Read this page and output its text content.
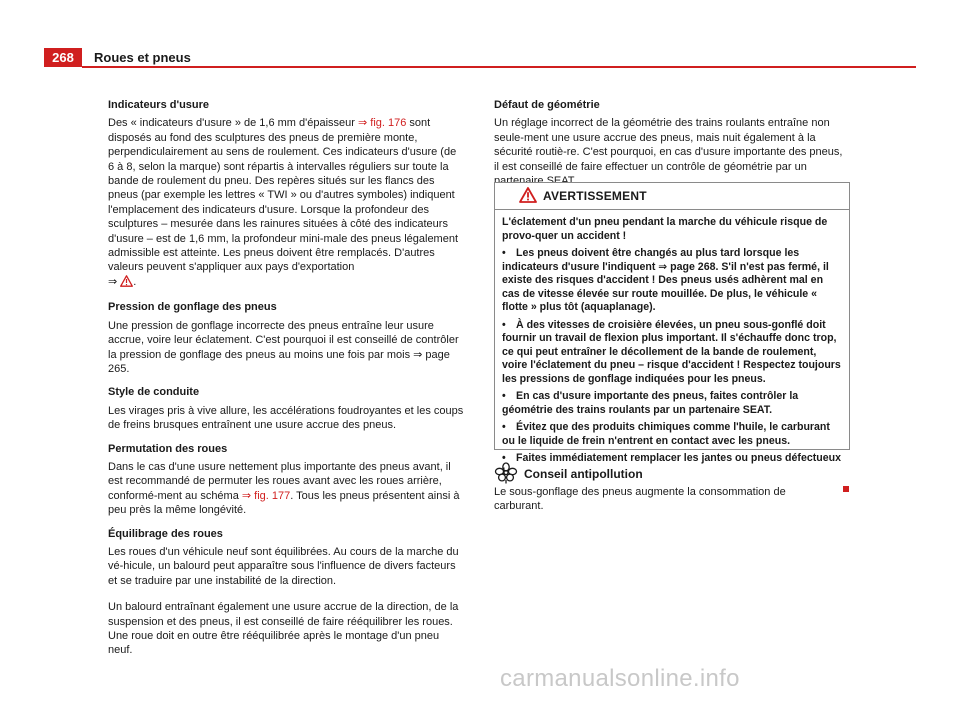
268	Roues et pneus
Indicateurs d'usure
Des « indicateurs d'usure » de 1,6 mm d'épaisseur ⇒ fig. 176 sont disposés au fond des sculptures des pneus de première monte, perpendiculairement au sens de roulement. Ces indicateurs d'usure (de 6 à 8, selon la marque) sont répartis à intervalles réguliers sur toute la bande de roulement du pneu. Des repères situés sur les flancs des pneus (par exemple les lettres « TWI » ou d'autres symboles) indiquent l'emplacement des indicateurs d'usure. Lorsque la profondeur des sculptures – mesurée dans les rainures situées à côté des indicateurs d'usure – est de 1,6 mm, la profondeur mini-male des pneus légalement admissible est atteinte. Les pneus doivent être remplacés. D'autres valeurs peuvent s'appliquer aux pays d'exportation
⇒ .
Pression de gonflage des pneus
Une pression de gonflage incorrecte des pneus entraîne leur usure accrue, voire leur éclatement. C'est pourquoi il est conseillé de contrôler la pression de gonflage des pneus au moins une fois par mois ⇒ page 265.
Style de conduite
Les virages pris à vive allure, les accélérations foudroyantes et les coups de freins brusques entraînent une usure accrue des pneus.
Permutation des roues
Dans le cas d'une usure nettement plus importante des pneus avant, il est recommandé de permuter les roues avant avec les roues arrière, conformé-ment au schéma ⇒ fig. 177. Tous les pneus présentent ainsi à peu près la même longévité.
Équilibrage des roues
Les roues d'un véhicule neuf sont équilibrées. Au cours de la marche du vé-hicule, un balourd peut apparaître sous l'influence de divers facteurs et se traduire par une instabilité de la direction.
Un balourd entraînant également une usure accrue de la direction, de la suspension et des pneus, il est conseillé de faire rééquilibrer les roues. Une roue doit en outre être rééquilibrée après le montage d'un pneu neuf.
Défaut de géométrie
Un réglage incorrect de la géométrie des trains roulants entraîne non seule-ment une usure accrue des pneus, mais nuit également à la sécurité routiè-re. C'est pourquoi, en cas d'usure importante des pneus, il est conseillé de faire effectuer un contrôle de géométrie par un
AVERTISSEMENT
L'éclatement d'un pneu pendant la marche du véhicule risque de provo-quer un accident !
• Les pneus doivent être changés au plus tard lorsque les indicateurs d'usure l'indiquent ⇒ page 268. S'il n'est pas fermé, il existe des risques d'accident ! Des pneus usés adhèrent mal en cas de vitesse élevée sur route mouillée. De plus, le véhicule « flotte » plus tôt (aquaplanage).
• À des vitesses de croisière élevées, un pneu sous-gonflé doit fournir un travail de flexion plus important. Il s'échauffe donc trop, ce qui peut entraîner le décollement de la bande de roulement, voire l'éclatement du pneu – risque d'accident ! Respectez toujours les pressions de gonflage indiquées pour les pneus.
• En cas d'usure importante des pneus, faites contrôler la géométrie des trains roulants par un partenaire SEAT.
• Évitez que des produits chimiques comme l'huile, le carburant ou le liquide de frein n'entrent en contact avec les pneus.
• Faites immédiatement remplacer les jantes ou pneus défectueux !	Conseil antipollution
Le sous-gonflage des pneus augmente la consommation de carburant.
carmanualsonline.info
